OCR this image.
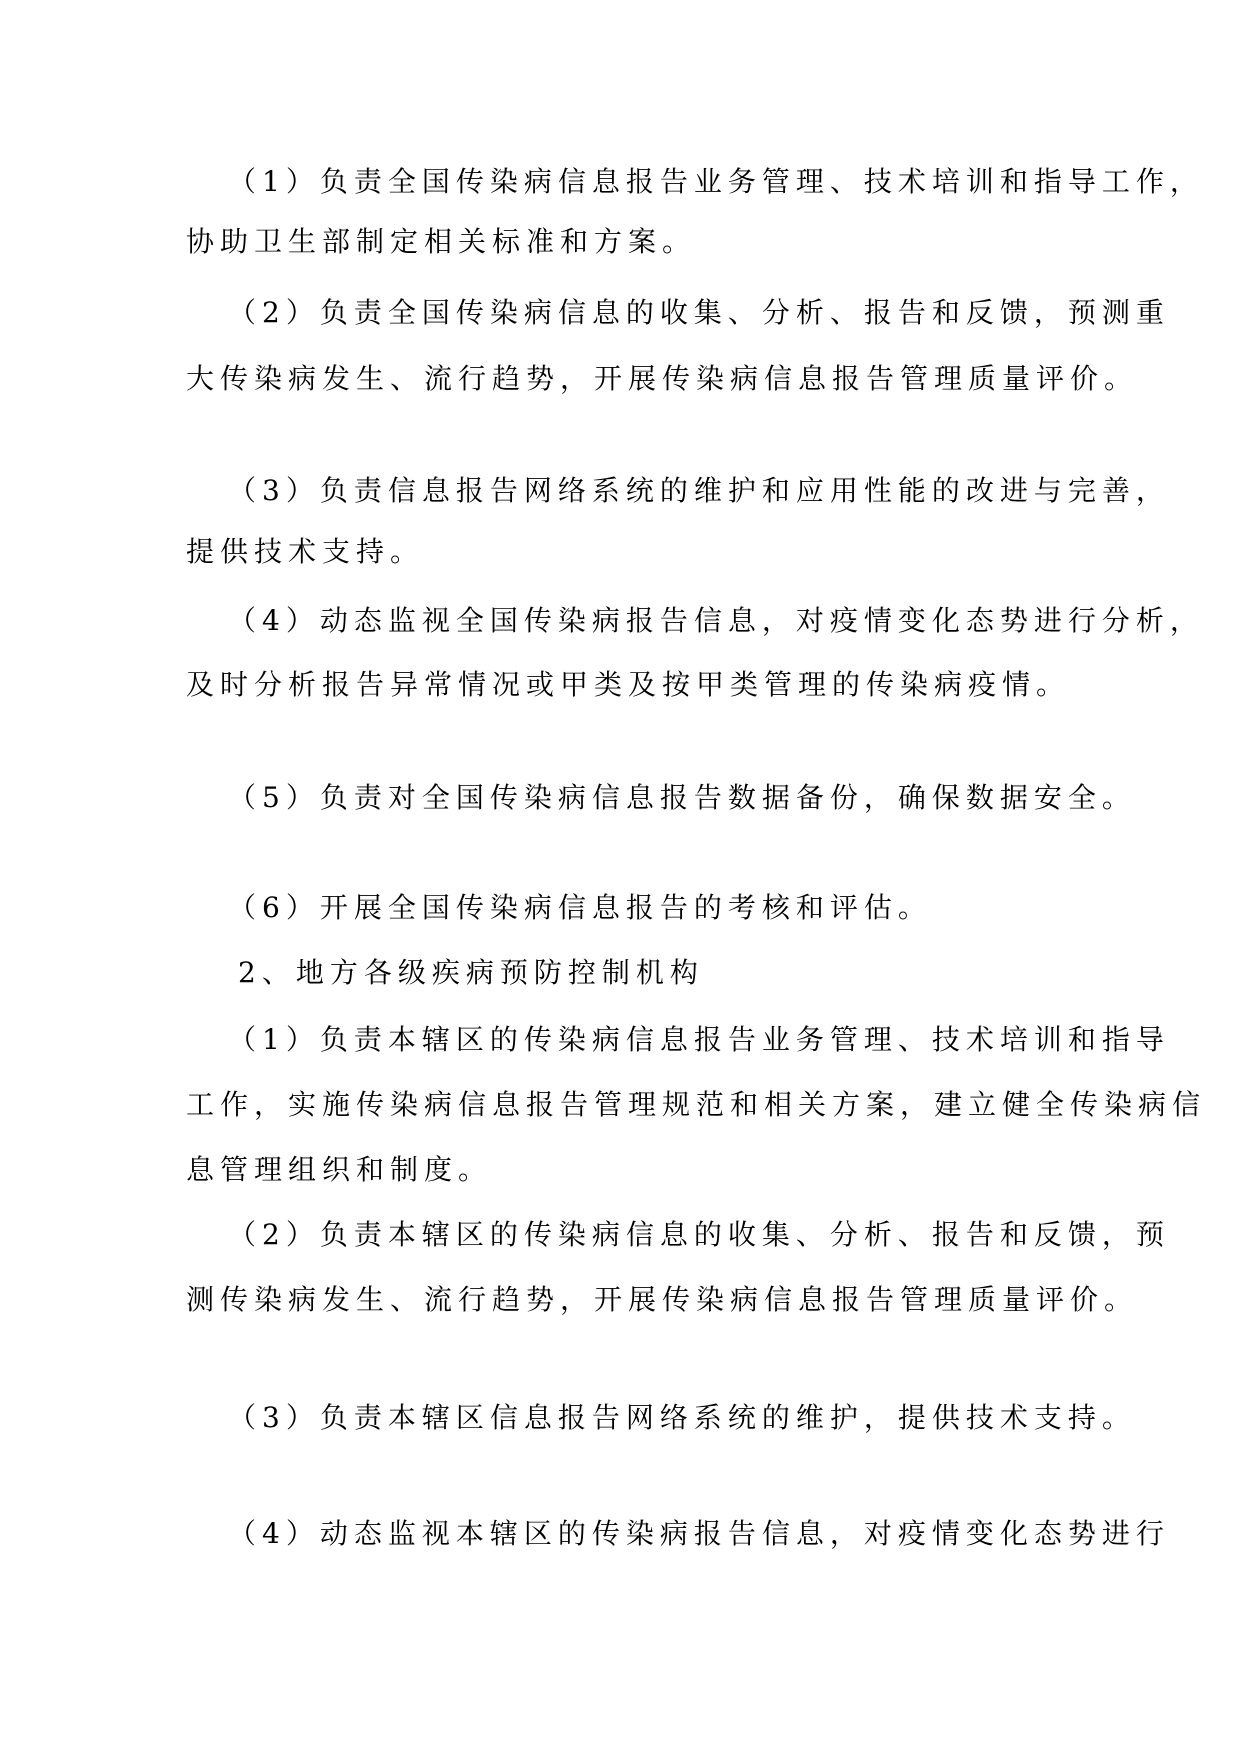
（1）负责全国传染病信息报告业务管理、技术培训和指导工作，
协助卫生部制定相关标准和方案。
（2）负责全国传染病信息的收集、分析、报告和反馈，预测重
大传染病发生、流行趋势，开展传染病信息报告管理质量评价。
（3）负责信息报告网络系统的维护和应用性能的改进与完善，
提供技术支持。
（4）动态监视全国传染病报告信息，对疫情变化态势进行分析，
及时分析报告异常情况或甲类及按甲类管理的传染病疫情。
（5）负责对全国传染病信息报告数据备份，确保数据安全。
（6）开展全国传染病信息报告的考核和评估。
2、地方各级疾病预防控制机构
（1）负责本辖区的传染病信息报告业务管理、技术培训和指导
工作，实施传染病信息报告管理规范和相关方案，建立健全传染病信
息管理组织和制度。
（2）负责本辖区的传染病信息的收集、分析、报告和反馈，预
测传染病发生、流行趋势，开展传染病信息报告管理质量评价。
（3）负责本辖区信息报告网络系统的维护，提供技术支持。
（4）动态监视本辖区的传染病报告信息，对疫情变化态势进行
